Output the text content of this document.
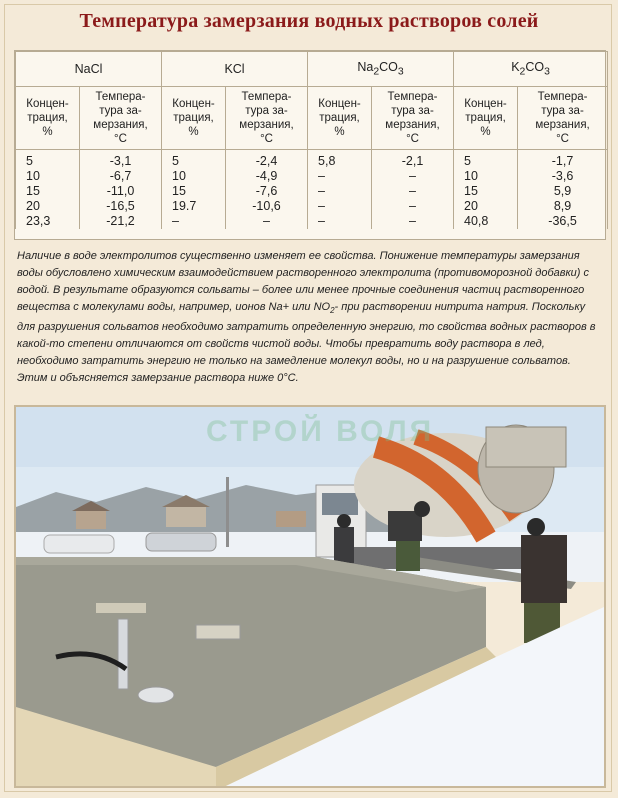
Температура замерзания водных растворов солей
NaCl		KCl		$Na_2CO_3$		$K_2CO_3$
Концен-
трация,
%	Темпера-
тура за-
мерзания,
°С	Концен-
трация,
%	Темпера-
тура за-
мерзания,
°С	Концен-
трация,
%	Темпера-
тура за-
мерзания,
°С	Концен-
трация,
%	Темпера-
тура за-
мерзания,
°С
5	-3,1	5	-2,4	5,8	-2,1	5	-1,7
10	-6,7	10	-4,9	–	–	10	-3,6
15	-11,0	15	-7,6	–	–	15	5,9
20	-16,5	19.7	-10,6	–	–	20	8,9
23,3	-21,2	–	–	–	–	40,8	-36,5
Наличие в воде электролитов существенно изменяет ее свойства. Понижение температуры замерзания воды обусловлено химическим взаимодействием растворенного электролита (противоморозной добавки) с водой. В результате образуются сольваты – более или менее прочные соединения частиц растворенного вещества с молекулами воды, например, ионов Na+ или $NO_2-$ при растворении нитрита натрия. Поскольку для разрушения сольватов необходимо затратить определенную энергию, то свойства водных растворов в какой-то степени отличаются от свойств чистой воды. Чтобы превратить воду раствора в лед, необходимо затратить энергию не только на замедление молекул воды, но и на разрушение сольватов. Этим и объясняется замерзание раствора ниже 0°С.
СТРОЙ ВОЛЯ
